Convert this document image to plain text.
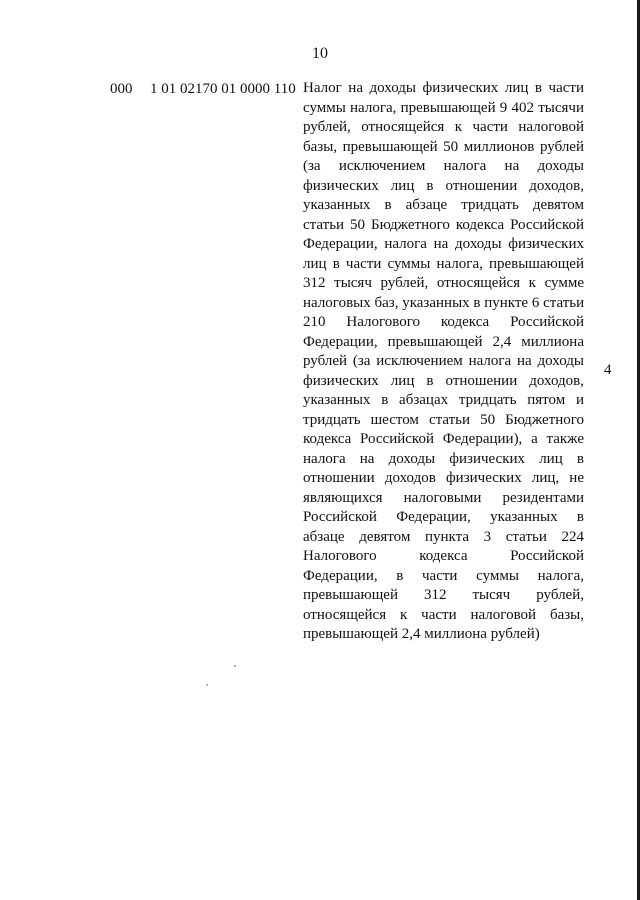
10
000 1 01 02170 01 0000 110 Налог на доходы физических лиц в части
суммы налога, превышающей 9 402 тысячи
рублей, относящейся к части налоговой
базы, превышающей 50 миллионов рублей
(за исключением налога на доходы
физических лиц в отношении доходов,
указанных в абзаце тридцать девятом
статьи 50 Бюджетного кодекса Российской
Федерации, налога на доходы физических
лиц в части суммы налога, превышающей
312 тысяч рублей, относящейся к сумме
налоговых баз, указанных в пункте 6 статьи
210 Налогового кодекса Российской
Федерации, превышающей 2,4 миллиона
рублей (за исключением налога на доходы
физических лиц в отношении доходов,
указанных в абзацах тридцать пятом и
тридцать шестом статьи 50 Бюджетного
кодекса Российской Федерации), а также
налога на доходы физических лиц в
отношении доходов физических лиц, не
являющихся налоговыми резидентами
Российской Федерации, указанных в
абзаце девятом пункта 3 статьи 224
Налогового кодекса Российской
Федерации, в части суммы налога,
превышающей 312 тысяч рублей,
относящейся к части налоговой базы,
превышающей 2,4 миллиона рублей)
4
